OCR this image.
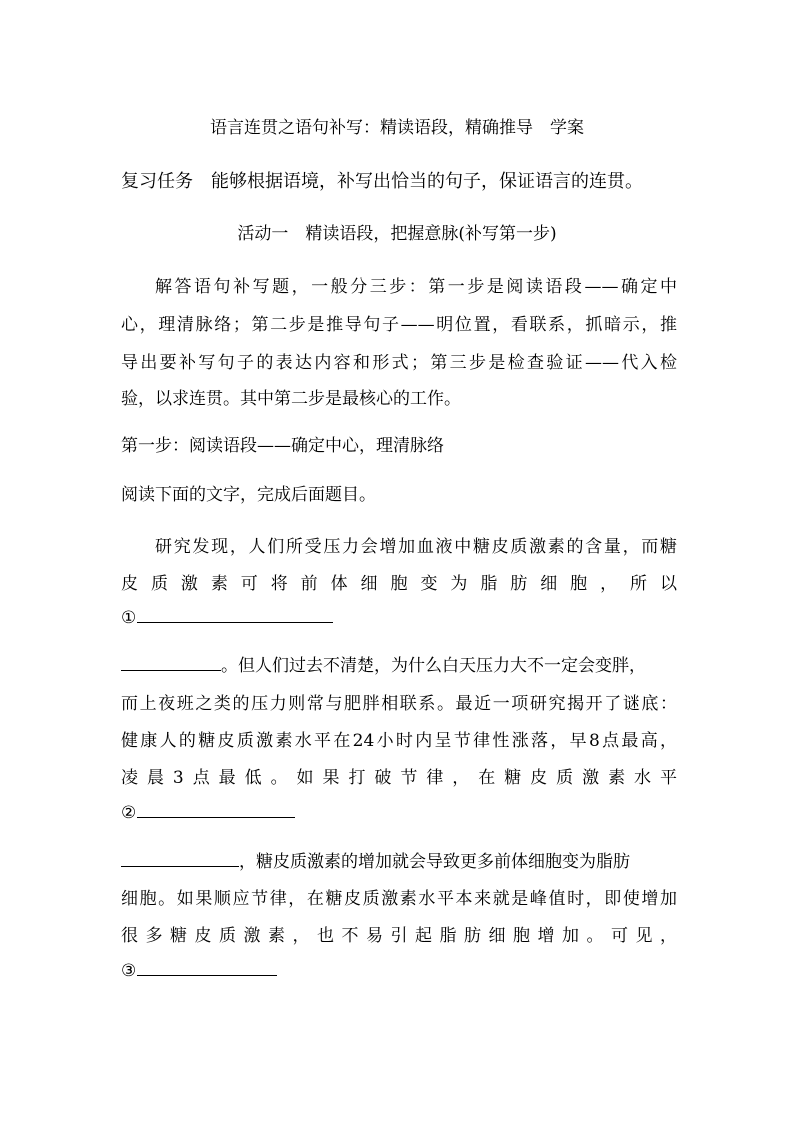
语言连贯之语句补写：精读语段，精确推导　学案
复习任务　能够根据语境，补写出恰当的句子，保证语言的连贯。
活动一　精读语段，把握意脉(补写第一步)
解答语句补写题，一般分三步：第一步是阅读语段——确定中
心，理清脉络；第二步是推导句子——明位置，看联系，抓暗示，推
导出要补写句子的表达内容和形式；第三步是检查验证——代入检
验，以求连贯。其中第二步是最核心的工作。
第一步：阅读语段——确定中心，理清脉络
阅读下面的文字，完成后面题目。
研究发现，人们所受压力会增加血液中糖皮质激素的含量，而糖
皮质激素可将前体细胞变为脂肪细胞，所以
①
。但人们过去不清楚，为什么白天压力大不一定会变胖，
而上夜班之类的压力则常与肥胖相联系。最近一项研究揭开了谜底：
健康人的糖皮质激素水平在24小时内呈节律性涨落，早8点最高，
凌晨3点最低。如果打破节律，在糖皮质激素水平
②
，糖皮质激素的增加就会导致更多前体细胞变为脂肪
细胞。如果顺应节律，在糖皮质激素水平本来就是峰值时，即使增加
很多糖皮质激素，也不易引起脂肪细胞增加。可见，
③
